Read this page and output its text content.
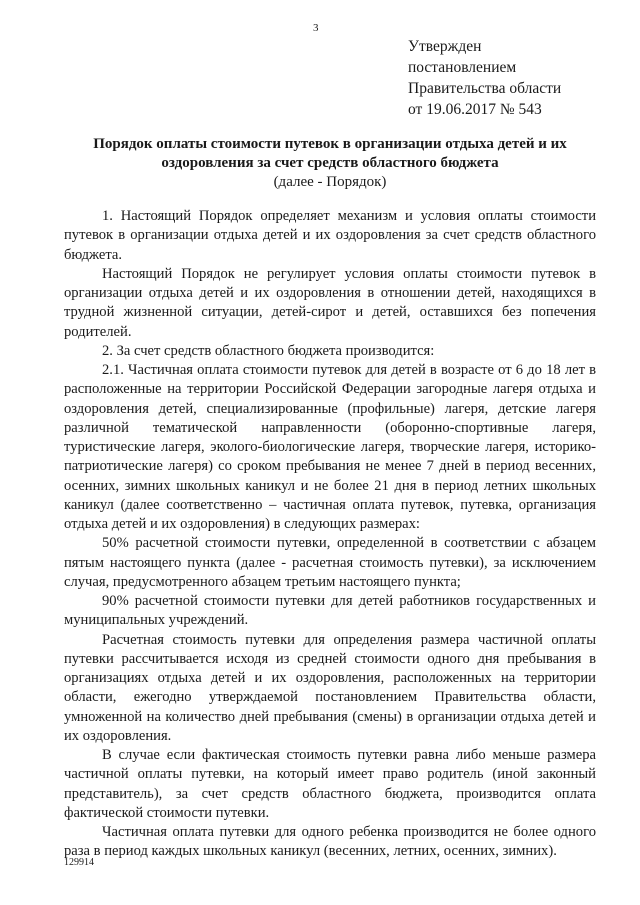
3
Утвержден
постановлением
Правительства области
от 19.06.2017 № 543
Порядок оплаты стоимости путевок в организации отдыха детей и их
оздоровления за счет средств областного бюджета
(далее - Порядок)

1. Настоящий Порядок определяет механизм и условия оплаты стоимости путевок в организации отдыха детей и их оздоровления за счет средств областного бюджета.

Настоящий Порядок не регулирует условия оплаты стоимости путевок в организации отдыха детей и их оздоровления в отношении детей, находящихся в трудной жизненной ситуации, детей-сирот и детей, оставшихся без попечения родителей.

2. За счет средств областного бюджета производится:

2.1. Частичная оплата стоимости путевок для детей в возрасте от 6 до 18 лет в расположенные на территории Российской Федерации загородные лагеря отдыха и оздоровления детей, специализированные (профильные) лагеря, детские лагеря различной тематической направленности (оборонно-спортивные лагеря, туристические лагеря, эколого-биологические лагеря, творческие лагеря, историко-патриотические лагеря) со сроком пребывания не менее 7 дней в период весенних, осенних, зимних школьных каникул и не более 21 дня в период летних школьных каникул (далее соответственно – частичная оплата путевок, путевка, организация отдыха детей и их оздоровления) в следующих размерах:

50% расчетной стоимости путевки, определенной в соответствии с абзацем пятым настоящего пункта (далее - расчетная стоимость путевки), за исключением случая, предусмотренного абзацем третьим настоящего пункта;

90% расчетной стоимости путевки для детей работников государственных и муниципальных учреждений.

Расчетная стоимость путевки для определения размера частичной оплаты путевки рассчитывается исходя из средней стоимости одного дня пребывания в организациях отдыха детей и их оздоровления, расположенных на территории области, ежегодно утверждаемой постановлением Правительства области, умноженной на количество дней пребывания (смены) в организации отдыха детей и их оздоровления.

В случае если фактическая стоимость путевки равна либо меньше размера частичной оплаты путевки, на который имеет право родитель (иной законный представитель), за счет средств областного бюджета, производится оплата фактической стоимости путевки.

Частичная оплата путевки для одного ребенка производится не более одного раза в период каждых школьных каникул (весенних, летних, осенних, зимних).

129914
